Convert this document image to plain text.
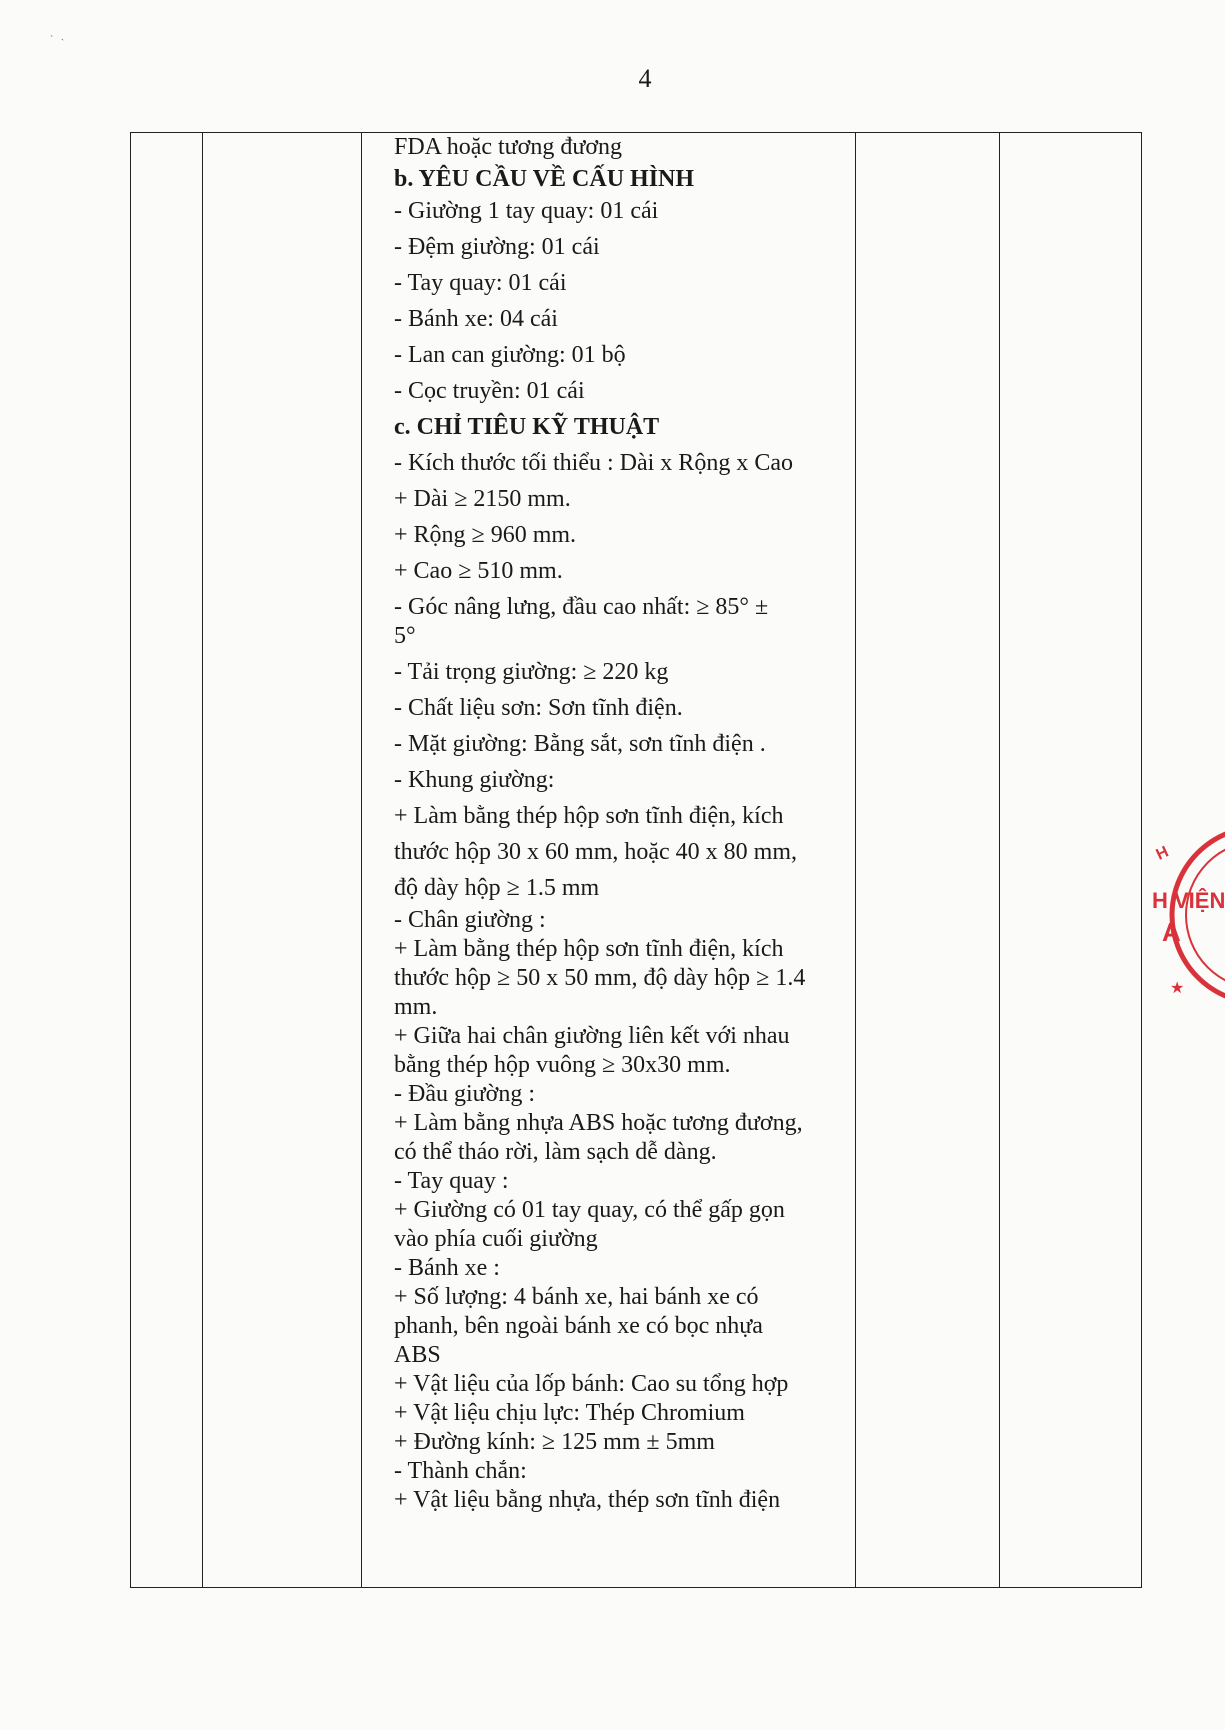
˴   ˎ
4
FDA hoặc tương đương
b. YÊU CẦU VỀ CẤU HÌNH
- Giường 1 tay quay: 01 cái
- Đệm giường: 01 cái
- Tay quay: 01 cái
- Bánh xe: 04 cái
- Lan can giường: 01 bộ
- Cọc truyền: 01 cái
c. CHỈ TIÊU KỸ THUẬT
- Kích thước tối thiểu : Dài x Rộng x Cao
+ Dài ≥ 2150 mm.
+ Rộng ≥ 960 mm.
+ Cao ≥ 510 mm.
- Góc nâng lưng, đầu cao nhất: ≥ 85° ±
5°
- Tải trọng giường: ≥ 220 kg
- Chất liệu sơn: Sơn tĩnh điện.
- Mặt giường: Bằng sắt, sơn tĩnh điện .
- Khung giường:
+ Làm bằng thép hộp sơn tĩnh điện, kích
thước hộp 30 x 60 mm, hoặc 40 x 80 mm,
độ dày hộp ≥ 1.5 mm
- Chân giường :
+ Làm bằng thép hộp sơn tĩnh điện, kích
thước hộp ≥ 50 x 50 mm, độ dày hộp ≥ 1.4
mm.
+ Giữa hai chân giường liên kết với nhau
bằng thép hộp vuông ≥ 30x30 mm.
- Đầu giường :
+ Làm bằng nhựa ABS hoặc tương đương,
có thể tháo rời, làm sạch dễ dàng.
- Tay quay :
+ Giường có 01 tay quay, có thể gấp gọn
vào phía cuối giường
- Bánh xe :
+ Số lượng: 4 bánh xe, hai bánh xe có
phanh, bên ngoài bánh xe có bọc nhựa
ABS
+ Vật liệu của lốp bánh: Cao su tổng hợp
+ Vật liệu chịu lực: Thép Chromium
+ Đường kính: ≥ 125 mm ± 5mm
- Thành chắn:
+ Vật liệu bằng nhựa, thép sơn tĩnh điện
H
H VIỆN
A
★
